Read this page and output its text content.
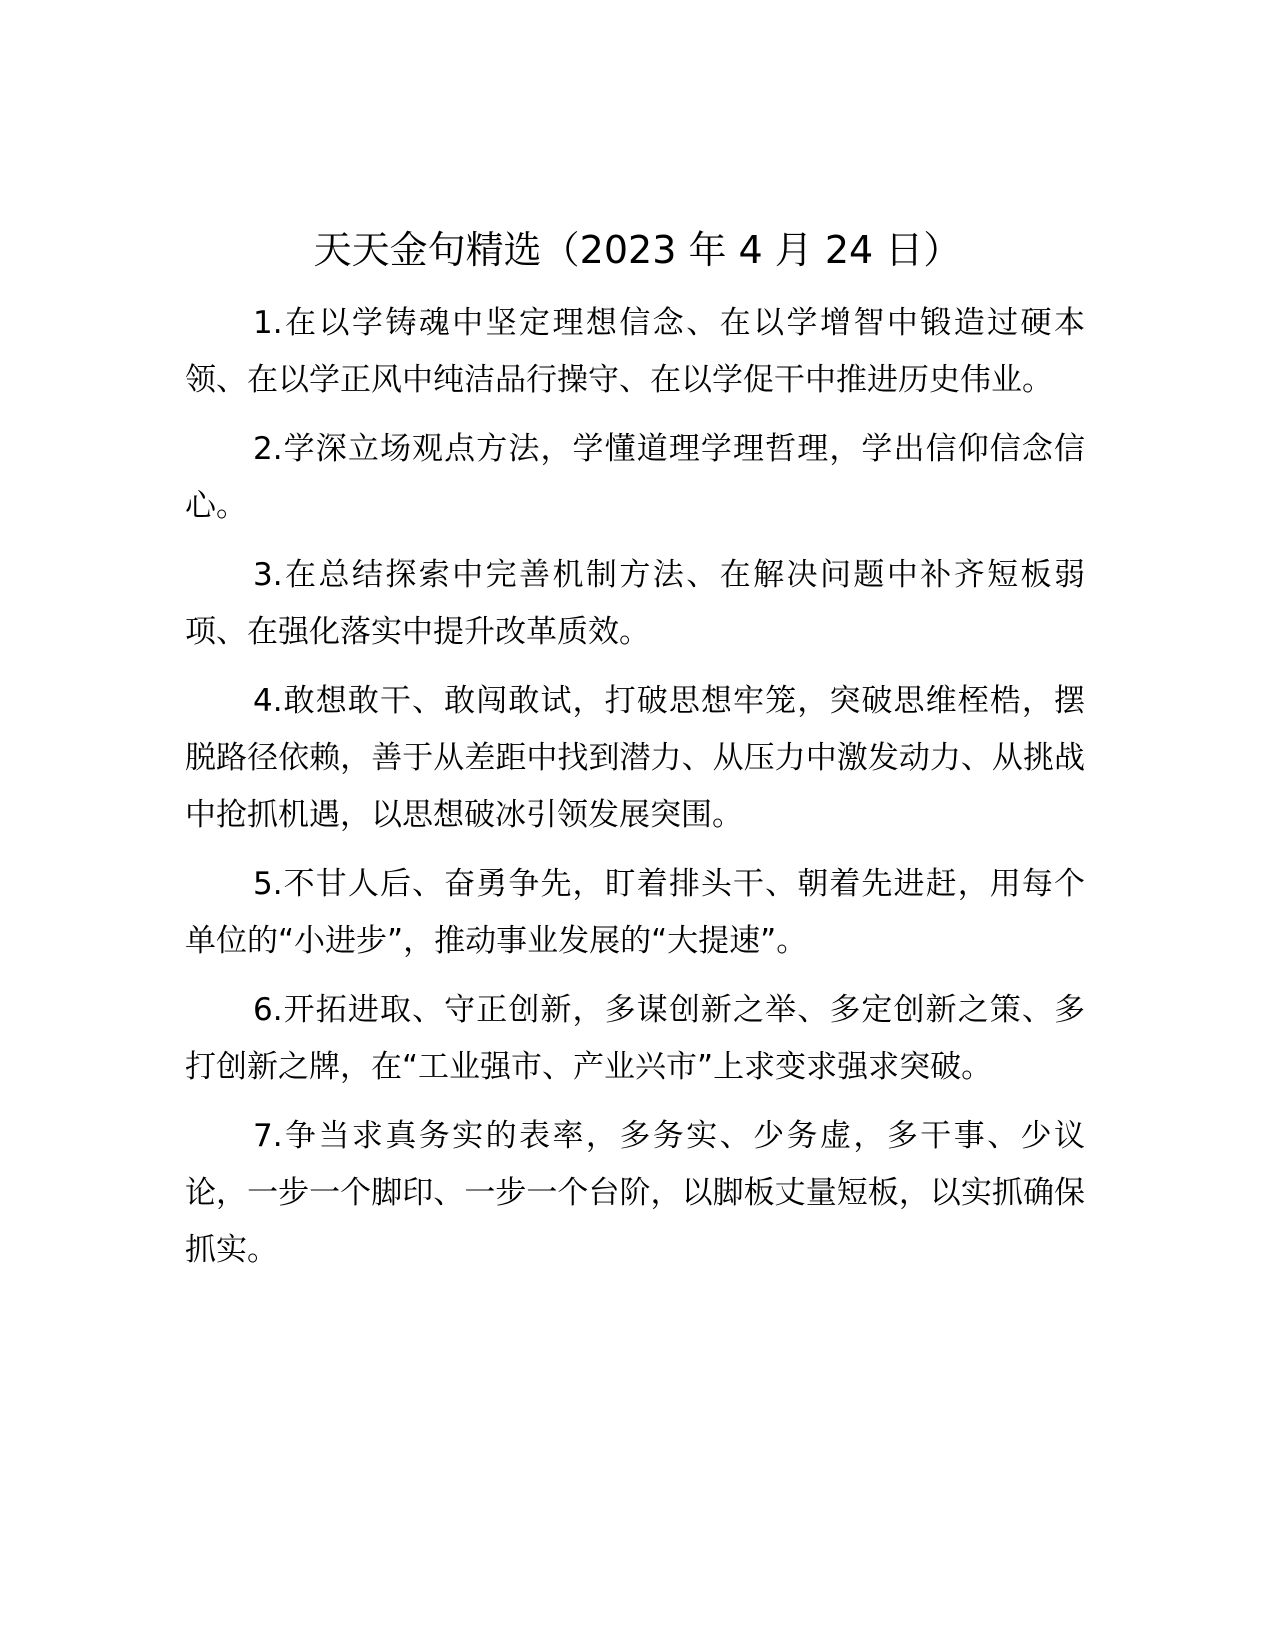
天天金句精选（2023 年 4 月 24 日）

1.在以学铸魂中坚定理想信念、在以学增智中锻造过硬本领、在以学正风中纯洁品行操守、在以学促干中推进历史伟业。

2.学深立场观点方法，学懂道理学理哲理，学出信仰信念信心。

3.在总结探索中完善机制方法、在解决问题中补齐短板弱项、在强化落实中提升改革质效。

4.敢想敢干、敢闯敢试，打破思想牢笼，突破思维桎梏，摆脱路径依赖，善于从差距中找到潜力、从压力中激发动力、从挑战中抢抓机遇，以思想破冰引领发展突围。

5.不甘人后、奋勇争先，盯着排头干、朝着先进赶，用每个单位的“小进步”，推动事业发展的“大提速”。

6.开拓进取、守正创新，多谋创新之举、多定创新之策、多打创新之牌，在“工业强市、产业兴市”上求变求强求突破。

7.争当求真务实的表率，多务实、少务虚，多干事、少议论，一步一个脚印、一步一个台阶，以脚板丈量短板，以实抓确保抓实。
